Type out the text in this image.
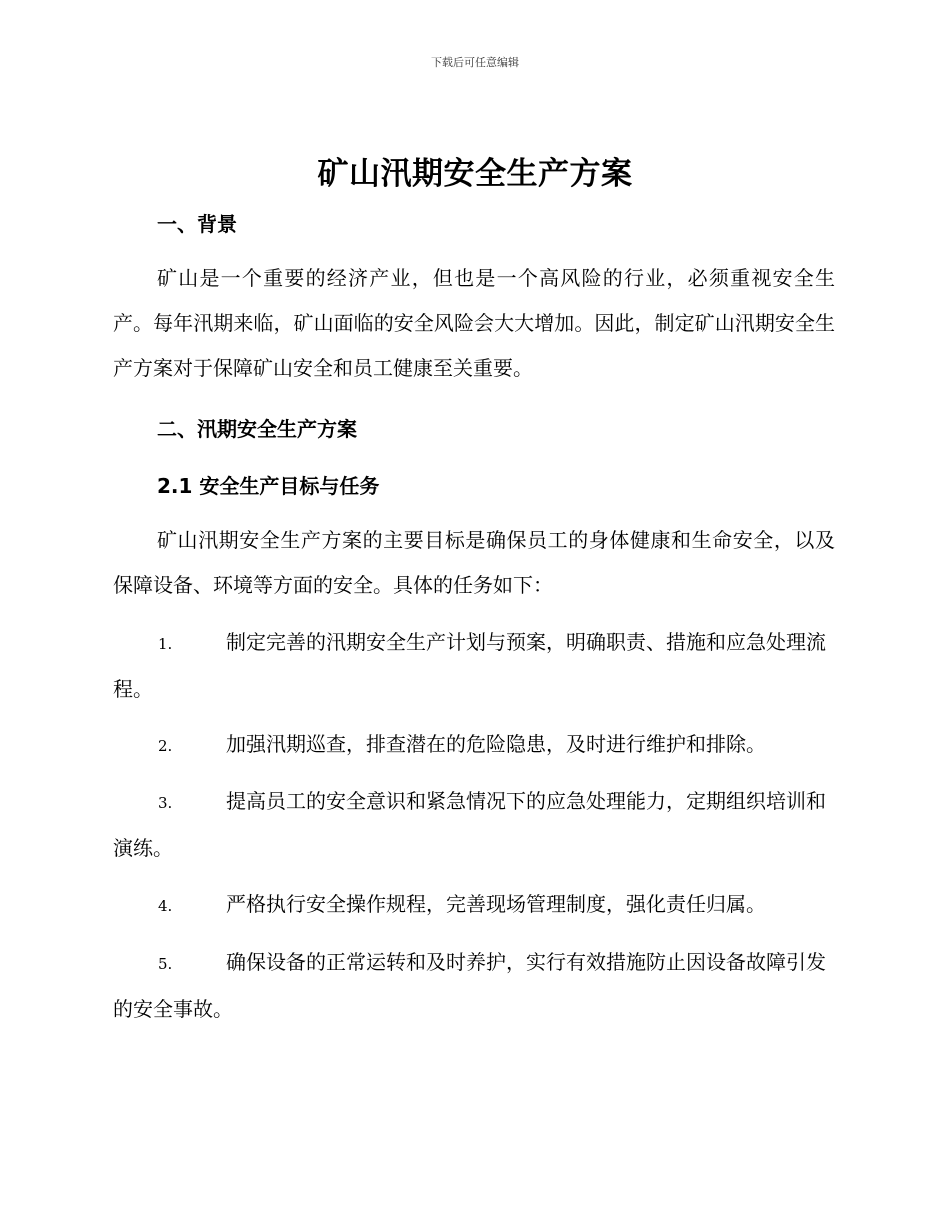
下载后可任意编辑
矿山汛期安全生产方案
一、背景
矿山是一个重要的经济产业，但也是一个高风险的行业，必须重视安全生产。每年汛期来临，矿山面临的安全风险会大大增加。因此，制定矿山汛期安全生产方案对于保障矿山安全和员工健康至关重要。
二、汛期安全生产方案
2.1 安全生产目标与任务
矿山汛期安全生产方案的主要目标是确保员工的身体健康和生命安全，以及保障设备、环境等方面的安全。具体的任务如下：
1.	制定完善的汛期安全生产计划与预案，明确职责、措施和应急处理流程。
2.	加强汛期巡查，排查潜在的危险隐患，及时进行维护和排除。
3.	提高员工的安全意识和紧急情况下的应急处理能力，定期组织培训和演练。
4.	严格执行安全操作规程，完善现场管理制度，强化责任归属。
5.	确保设备的正常运转和及时养护，实行有效措施防止因设备故障引发的安全事故。
